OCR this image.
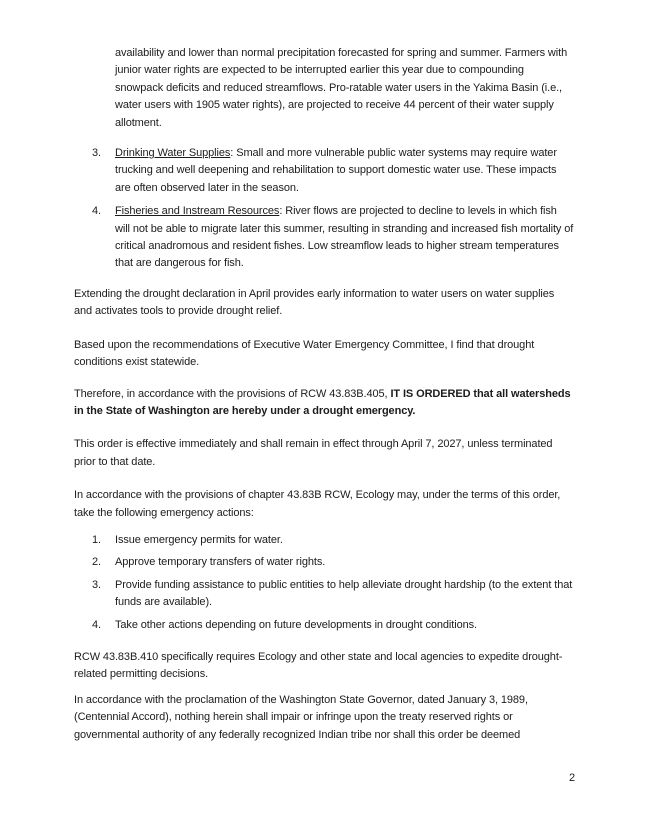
availability and lower than normal precipitation forecasted for spring and summer. Farmers with junior water rights are expected to be interrupted earlier this year due to compounding snowpack deficits and reduced streamflows. Pro-ratable water users in the Yakima Basin (i.e., water users with 1905 water rights), are projected to receive 44 percent of their water supply allotment.

3.	Drinking Water Supplies: Small and more vulnerable public water systems may require water trucking and well deepening and rehabilitation to support domestic water use. These impacts are often observed later in the season.
4.	Fisheries and Instream Resources: River flows are projected to decline to levels in which fish will not be able to migrate later this summer, resulting in stranding and increased fish mortality of critical anadromous and resident fishes. Low streamflow leads to higher stream temperatures that are dangerous for fish.

Extending the drought declaration in April provides early information to water users on water supplies and activates tools to provide drought relief.

Based upon the recommendations of Executive Water Emergency Committee, I find that drought conditions exist statewide.

Therefore, in accordance with the provisions of RCW 43.83B.405, IT IS ORDERED that all watersheds in the State of Washington are hereby under a drought emergency.

This order is effective immediately and shall remain in effect through April 7, 2027, unless terminated prior to that date.

In accordance with the provisions of chapter 43.83B RCW, Ecology may, under the terms of this order, take the following emergency actions:

1.	Issue emergency permits for water.
2.	Approve temporary transfers of water rights.
3.	Provide funding assistance to public entities to help alleviate drought hardship (to the extent that funds are available).
4.	Take other actions depending on future developments in drought conditions.

RCW 43.83B.410 specifically requires Ecology and other state and local agencies to expedite drought-related permitting decisions.

In accordance with the proclamation of the Washington State Governor, dated January 3, 1989, (Centennial Accord), nothing herein shall impair or infringe upon the treaty reserved rights or governmental authority of any federally recognized Indian tribe nor shall this order be deemed

2
